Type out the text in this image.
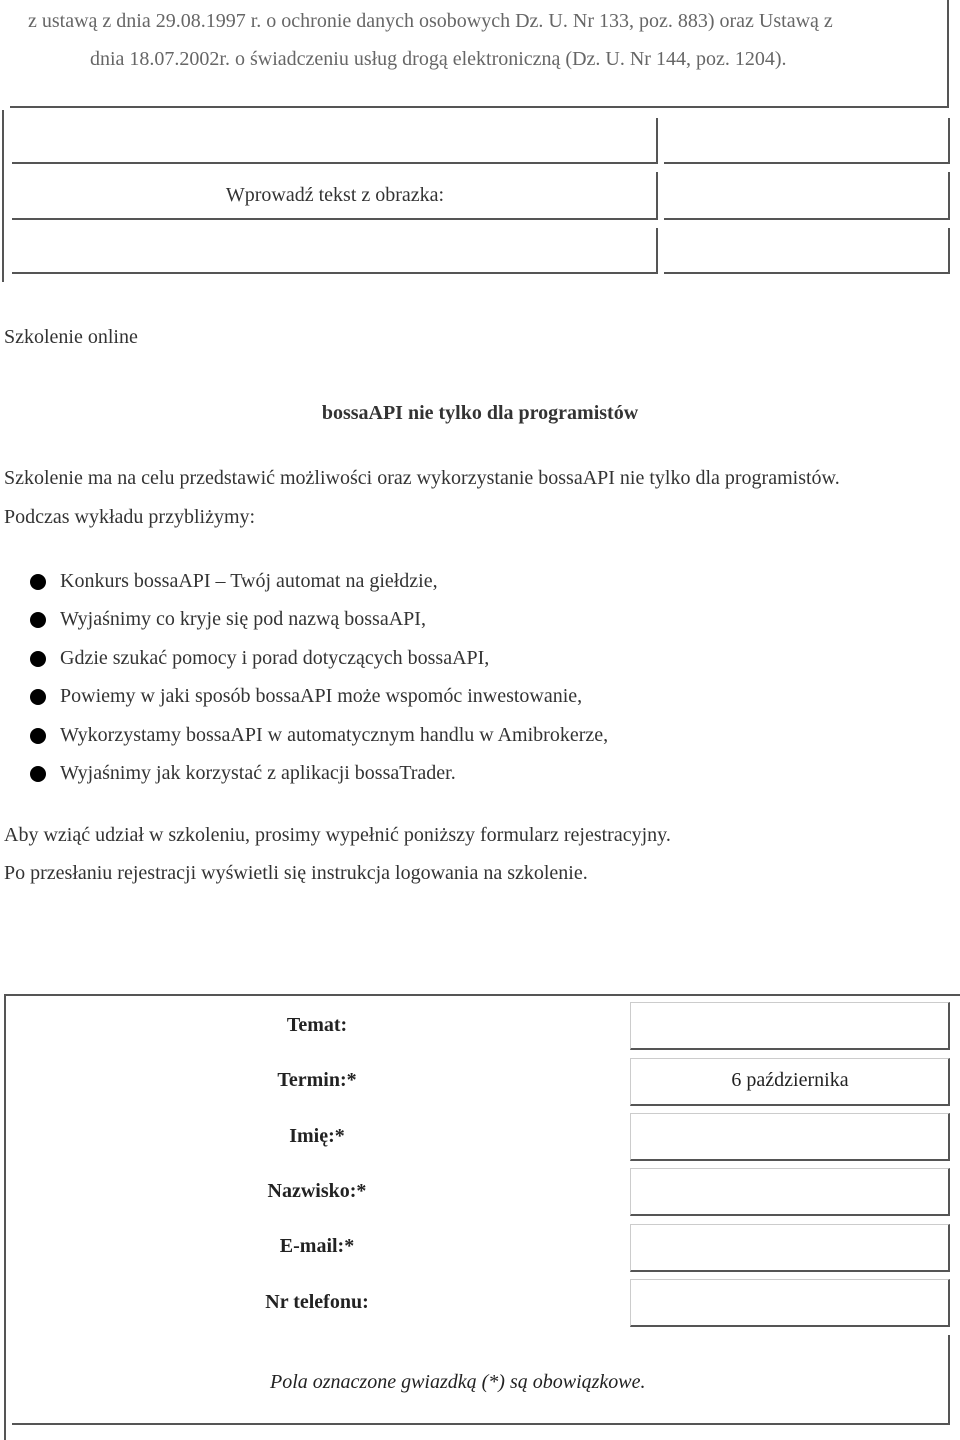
z ustawą z dnia 29.08.1997 r. o ochronie danych osobowych Dz. U. Nr 133, poz. 883) oraz Ustawą z
dnia 18.07.2002r. o świadczeniu usług drogą elektroniczną (Dz. U. Nr 144, poz. 1204).
Wprowadź tekst z obrazka:
Szkolenie online
bossaAPI nie tylko dla programistów
Szkolenie ma na celu przedstawić możliwości oraz wykorzystanie bossaAPI nie tylko dla programistów.
Podczas wykładu przybliżymy:
Konkurs bossaAPI – Twój automat na giełdzie,
Wyjaśnimy co kryje się pod nazwą bossaAPI,
Gdzie szukać pomocy i porad dotyczących bossaAPI,
Powiemy w jaki sposób bossaAPI może wspomóc inwestowanie,
Wykorzystamy bossaAPI w automatycznym handlu w Amibrokerze,
Wyjaśnimy jak korzystać z aplikacji bossaTrader.
Aby wziąć udział w szkoleniu, prosimy wypełnić poniższy formularz rejestracyjny.
Po przesłaniu rejestracji wyświetli się instrukcja logowania na szkolenie.
Temat:
Termin:*	6 października
Imię:*
Nazwisko:*
E-mail:*
Nr telefonu:
Pola oznaczone gwiazdką (*) są obowiązkowe.
